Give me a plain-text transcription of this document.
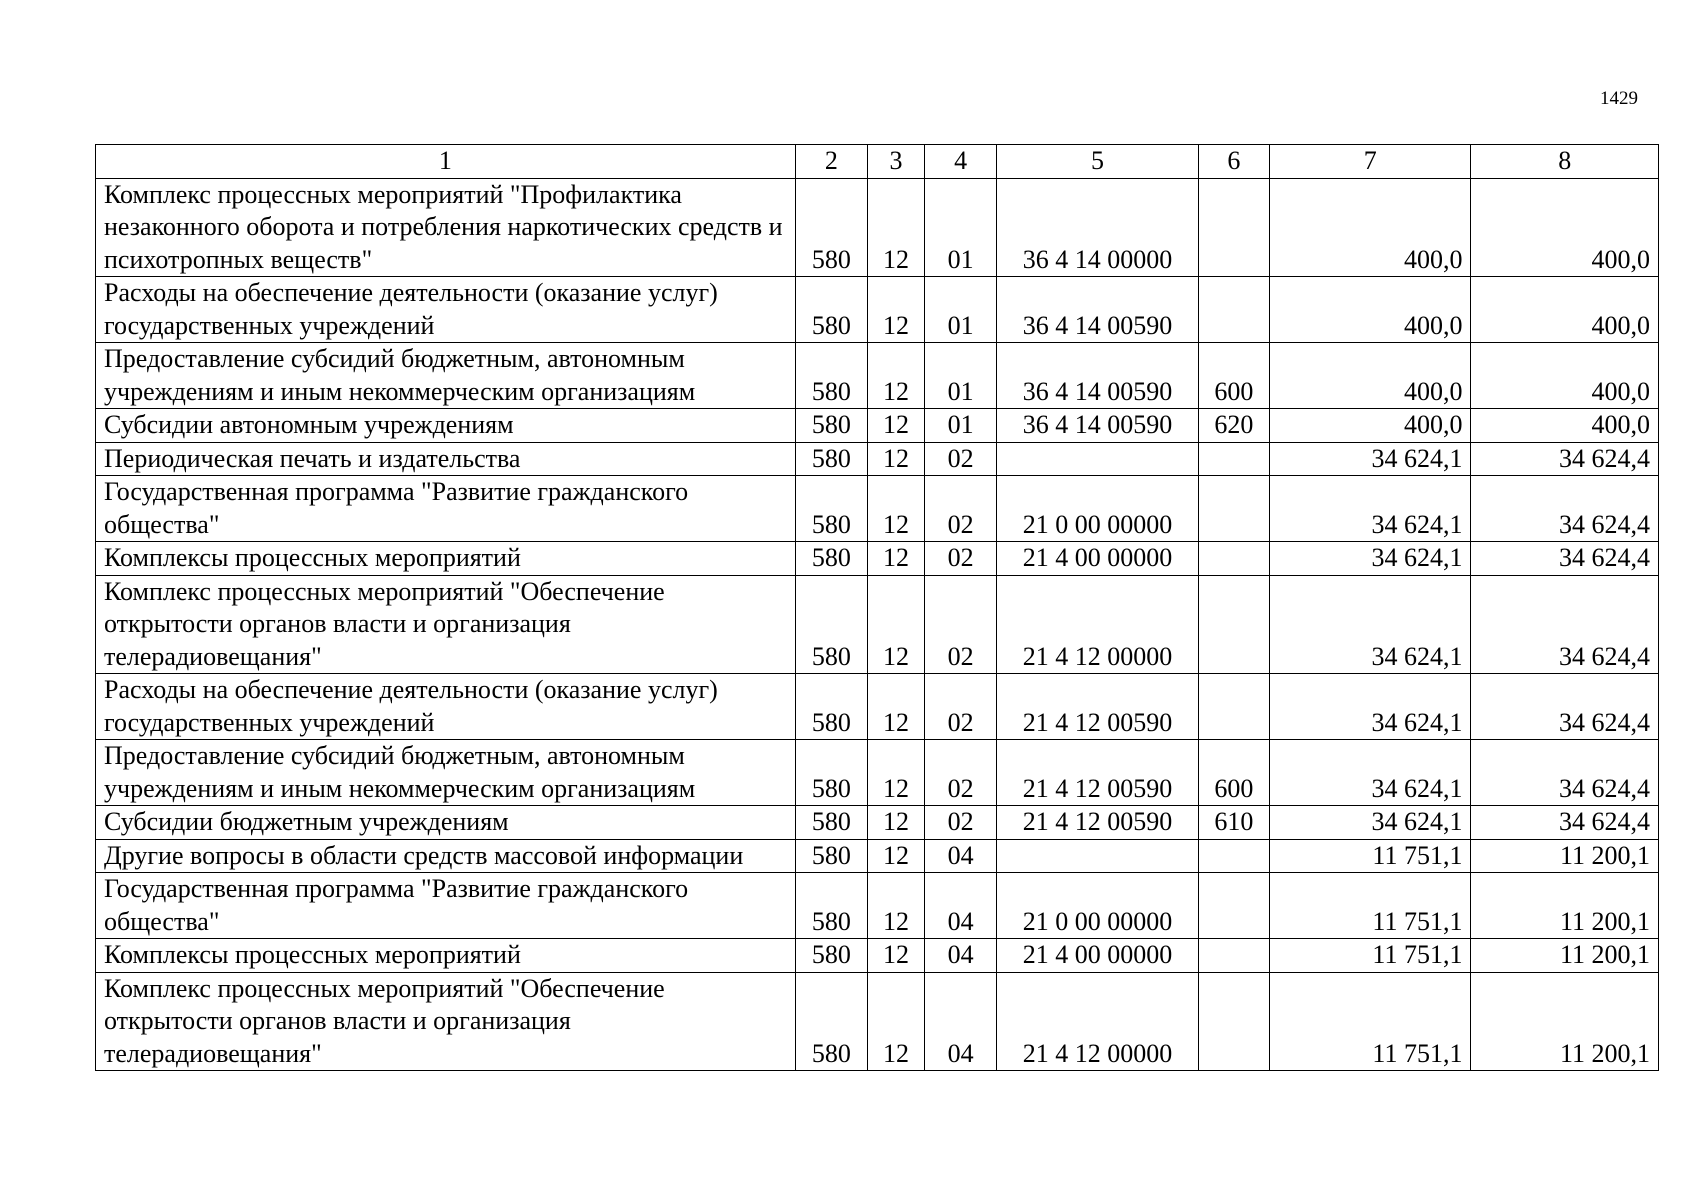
1429
1	2	3	4	5	6	7	8
Комплекс процессных мероприятий "Профилактика незаконного оборота и потребления наркотических средств и психотропных веществ"	580	12	01	36 4 14 00000		400,0	400,0
Расходы на обеспечение деятельности (оказание услуг) государственных учреждений	580	12	01	36 4 14 00590		400,0	400,0
Предоставление субсидий бюджетным, автономным учреждениям и иным некоммерческим организациям	580	12	01	36 4 14 00590	600	400,0	400,0
Субсидии автономным учреждениям	580	12	01	36 4 14 00590	620	400,0	400,0
Периодическая печать и издательства	580	12	02			34 624,1	34 624,4
Государственная программа "Развитие гражданского общества"	580	12	02	21 0 00 00000		34 624,1	34 624,4
Комплексы процессных мероприятий	580	12	02	21 4 00 00000		34 624,1	34 624,4
Комплекс процессных мероприятий "Обеспечение открытости органов власти и организация телерадиовещания"	580	12	02	21 4 12 00000		34 624,1	34 624,4
Расходы на обеспечение деятельности (оказание услуг) государственных учреждений	580	12	02	21 4 12 00590		34 624,1	34 624,4
Предоставление субсидий бюджетным, автономным учреждениям и иным некоммерческим организациям	580	12	02	21 4 12 00590	600	34 624,1	34 624,4
Субсидии бюджетным учреждениям	580	12	02	21 4 12 00590	610	34 624,1	34 624,4
Другие вопросы в области средств массовой информации	580	12	04			11 751,1	11 200,1
Государственная программа "Развитие гражданского общества"	580	12	04	21 0 00 00000		11 751,1	11 200,1
Комплексы процессных мероприятий	580	12	04	21 4 00 00000		11 751,1	11 200,1
Комплекс процессных мероприятий "Обеспечение открытости органов власти и организация телерадиовещания"	580	12	04	21 4 12 00000		11 751,1	11 200,1
